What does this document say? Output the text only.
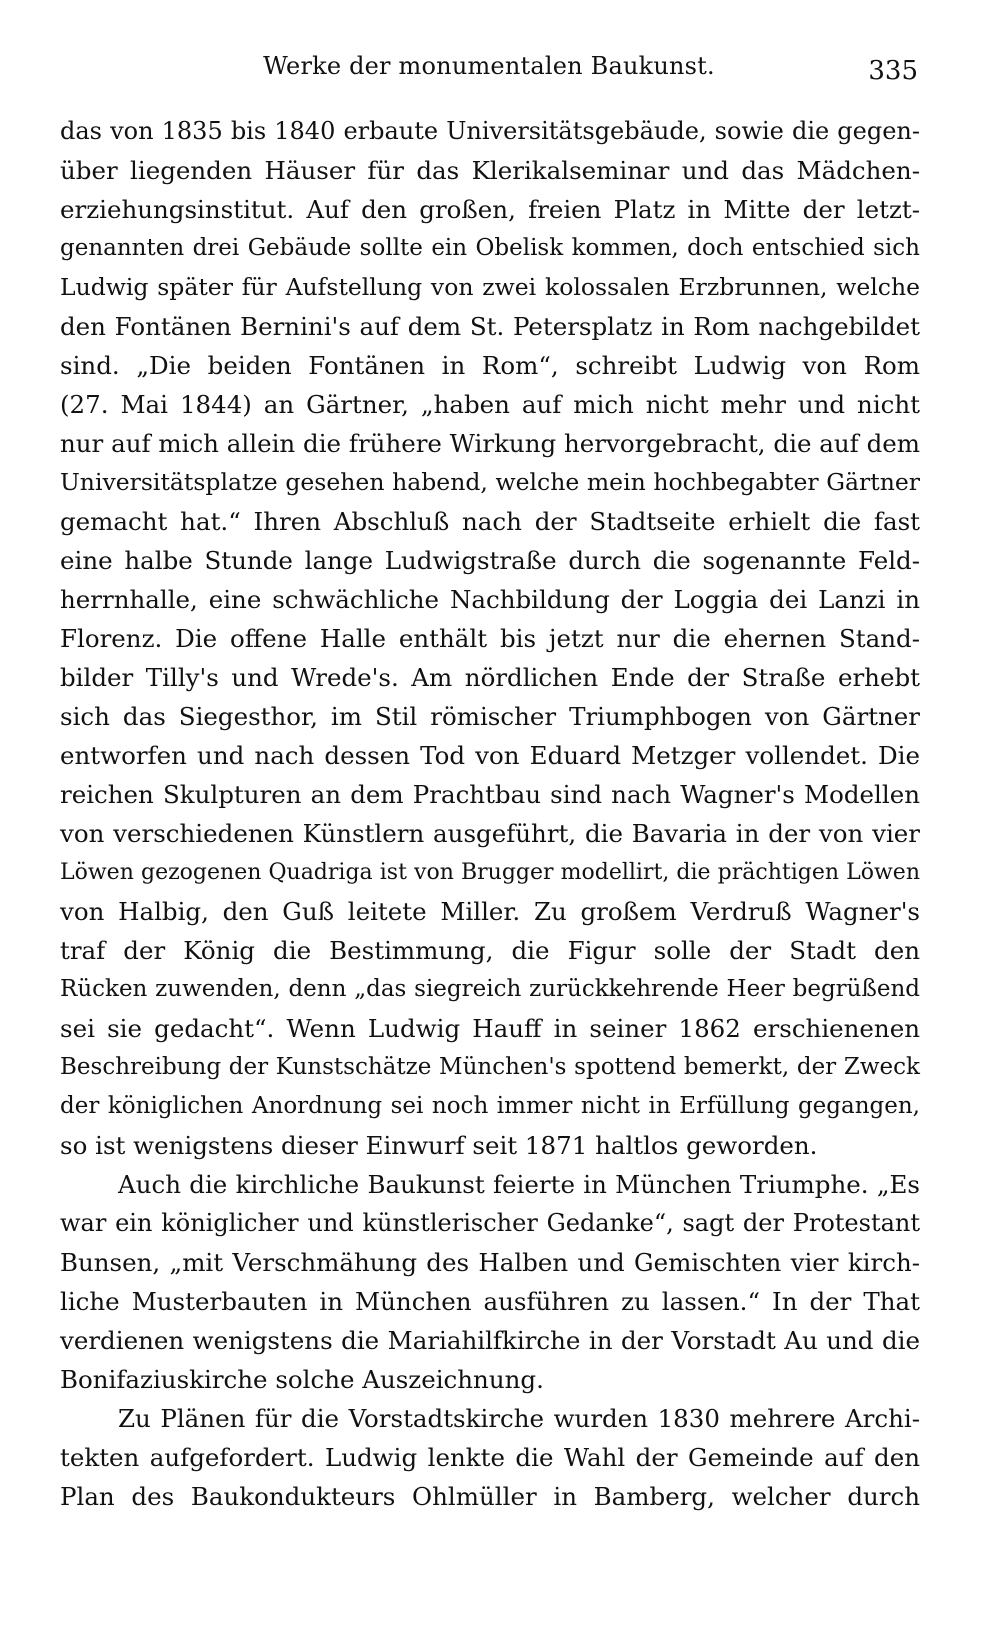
Werke der monumentalen Baukunst.	335
das von 1835 bis 1840 erbaute Universitätsgebäude, sowie die gegen-
über liegenden Häuser für das Klerikalseminar und das Mädchen-
erziehungsinstitut. Auf den großen, freien Platz in Mitte der letzt-
genannten drei Gebäude sollte ein Obelisk kommen, doch entschied sich
Ludwig später für Aufstellung von zwei kolossalen Erzbrunnen, welche
den Fontänen Bernini's auf dem St. Petersplatz in Rom nachgebildet
sind. „Die beiden Fontänen in Rom“, schreibt Ludwig von Rom
(27. Mai 1844) an Gärtner, „haben auf mich nicht mehr und nicht
nur auf mich allein die frühere Wirkung hervorgebracht, die auf dem
Universitätsplatze gesehen habend, welche mein hochbegabter Gärtner
gemacht hat.“ Ihren Abschluß nach der Stadtseite erhielt die fast
eine halbe Stunde lange Ludwigstraße durch die sogenannte Feld-
herrnhalle, eine schwächliche Nachbildung der Loggia dei Lanzi in
Florenz. Die offene Halle enthält bis jetzt nur die ehernen Stand-
bilder Tilly's und Wrede's. Am nördlichen Ende der Straße erhebt
sich das Siegesthor, im Stil römischer Triumphbogen von Gärtner
entworfen und nach dessen Tod von Eduard Metzger vollendet. Die
reichen Skulpturen an dem Prachtbau sind nach Wagner's Modellen
von verschiedenen Künstlern ausgeführt, die Bavaria in der von vier
Löwen gezogenen Quadriga ist von Brugger modellirt, die prächtigen Löwen
von Halbig, den Guß leitete Miller. Zu großem Verdruß Wagner's
traf der König die Bestimmung, die Figur solle der Stadt den
Rücken zuwenden, denn „das siegreich zurückkehrende Heer begrüßend
sei sie gedacht“. Wenn Ludwig Hauff in seiner 1862 erschienenen
Beschreibung der Kunstschätze München's spottend bemerkt, der Zweck
der königlichen Anordnung sei noch immer nicht in Erfüllung gegangen,
so ist wenigstens dieser Einwurf seit 1871 haltlos geworden.
Auch die kirchliche Baukunst feierte in München Triumphe. „Es
war ein königlicher und künstlerischer Gedanke“, sagt der Protestant
Bunsen, „mit Verschmähung des Halben und Gemischten vier kirch-
liche Musterbauten in München ausführen zu lassen.“ In der That
verdienen wenigstens die Mariahilfkirche in der Vorstadt Au und die
Bonifaziuskirche solche Auszeichnung.
Zu Plänen für die Vorstadtskirche wurden 1830 mehrere Archi-
tekten aufgefordert. Ludwig lenkte die Wahl der Gemeinde auf den
Plan des Baukondukteurs Ohlmüller in Bamberg, welcher durch
